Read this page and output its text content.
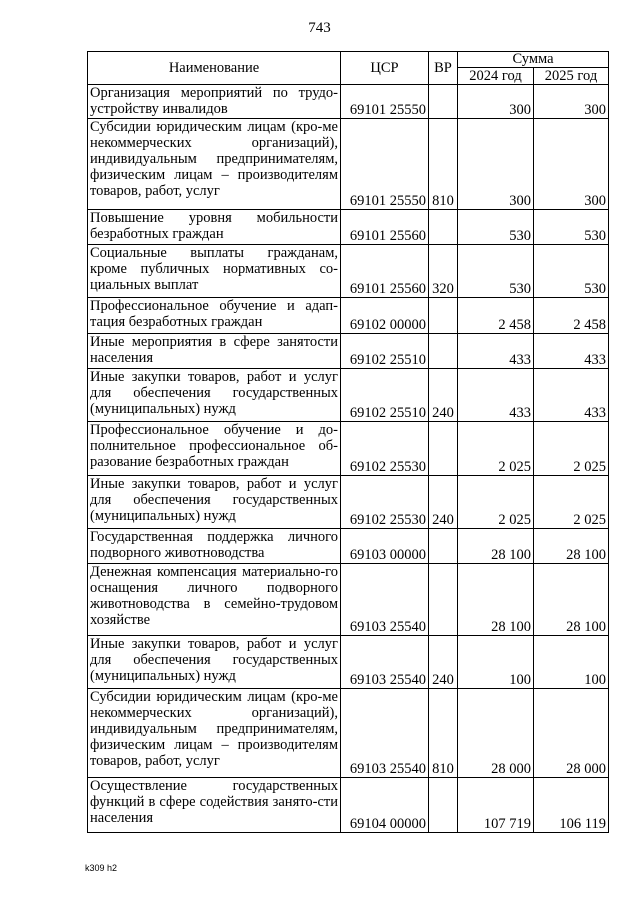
743
Наименование	ЦСР	ВР	Сумма	
			2024 год	2025 год
Организация мероприятий по трудо-устройству инвалидов	69101 25550		300	300
Субсидии юридическим лицам (кро-ме некоммерческих организаций), индивидуальным предпринимателям, физическим лицам – производителям товаров, работ, услуг	69101 25550	810	300	300
Повышение уровня мобильности безработных граждан	69101 25560		530	530
Социальные выплаты гражданам, кроме публичных нормативных со-циальных выплат	69101 25560	320	530	530
Профессиональное обучение и адап-тация безработных граждан	69102 00000		2 458	2 458
Иные мероприятия в сфере занятости населения	69102 25510		433	433
Иные закупки товаров, работ и услуг для обеспечения государственных (муниципальных) нужд	69102 25510	240	433	433
Профессиональное обучение и до-полнительное профессиональное об-разование безработных граждан	69102 25530		2 025	2 025
Иные закупки товаров, работ и услуг для обеспечения государственных (муниципальных) нужд	69102 25530	240	2 025	2 025
Государственная поддержка личного подворного животноводства	69103 00000		28 100	28 100
Денежная компенсация материально-го оснащения личного подворного животноводства в семейно-трудовом хозяйстве	69103 25540		28 100	28 100
Иные закупки товаров, работ и услуг для обеспечения государственных (муниципальных) нужд	69103 25540	240	100	100
Субсидии юридическим лицам (кро-ме некоммерческих организаций), индивидуальным предпринимателям, физическим лицам – производителям товаров, работ, услуг	69103 25540	810	28 000	28 000
Осуществление государственных функций в сфере содействия занято-сти населения	69104 00000		107 719	106 119
k309 h2
